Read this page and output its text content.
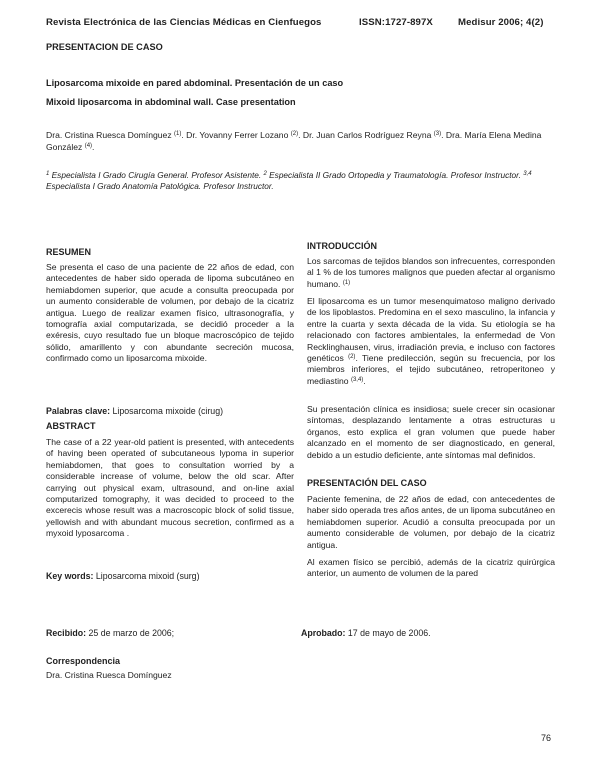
Revista Electrónica de las Ciencias Médicas en Cienfuegos	ISSN:1727-897X	Medisur 2006; 4(2)
PRESENTACION DE CASO
Liposarcoma mixoide en pared abdominal. Presentación de un caso
Mixoid liposarcoma in abdominal wall. Case presentation
Dra. Cristina Ruesca Domínguez $^{(1)}$. Dr. Yovanny Ferrer Lozano $^{(2)}$. Dr. Juan Carlos Rodríguez Reyna $^{(3)}$. Dra. María Elena Medina González $^{(4)}$.
$^1$ Especialista I Grado Cirugía General. Profesor Asistente. $^2$ Especialista II Grado Ortopedia y Traumatología. Profesor Instructor. $^{3,4}$ Especialista I Grado Anatomía Patológica. Profesor Instructor.
RESUMEN

Se presenta el caso de una paciente de 22 años de edad, con antecedentes de haber sido operada de lipoma subcutáneo en hemiabdomen superior, que acude a consulta preocupada por un aumento considerable de volumen, por debajo de la cicatriz antigua. Luego de realizar examen físico, ultrasonografía, y tomografía axial computarizada, se decidió proceder a la exéresis, cuyo resultado fue un bloque macroscópico de tejido sólido, amarillento y con abundante secreción mucosa, confirmado como un liposarcoma mixoide.

Palabras clave: Liposarcoma mixoide (cirug)
ABSTRACT

The case of a 22 year-old patient is presented, with antecedents of having been operated of subcutaneous lypoma in superior hemiabdomen, that goes to consultation worried by a considerable increase of volume, below the old scar. After carrying out physical exam, ultrasound, and on-line axial computarized tomography, it was decided to proceed to the excerecis whose result was a macroscopic block of solid tissue, yellowish and with abundant mucous secretion, confirmed as a myxoid lyposarcoma .

Key words: Liposarcoma mixoid (surg)
INTRODUCCIÓN

Los sarcomas de tejidos blandos son infrecuentes, corresponden al 1 % de los tumores malignos que pueden afectar al organismo humano. $^{(1)}$

El liposarcoma es un tumor mesenquimatoso maligno derivado de los lipoblastos. Predomina en el sexo masculino, la infancia y entre la cuarta y sexta década de la vida. Su etiología se ha relacionado con factores ambientales, la enfermedad de Von Recklinghausen, virus, irradiación previa, e incluso con factores genéticos $^{(2)}$. Tiene predilección, según su frecuencia, por los miembros inferiores, el tejido subcutáneo, retroperitoneo y mediastino $^{(3,4)}$.

Su presentación clínica es insidiosa; suele crecer sin ocasionar síntomas, desplazando lentamente a otras estructuras u órganos, esto explica el gran volumen que puede haber alcanzado en el momento de ser diagnosticado, en general, debido a un estudio deficiente, ante síntomas mal definidos.

PRESENTACIÓN DEL CASO

Paciente femenina, de 22 años de edad, con antecedentes de haber sido operada tres años antes, de un lipoma subcutáneo en hemiabdomen superior. Acudió a consulta preocupada por un aumento considerable de volumen, por debajo de la cicatriz antigua.

Al examen físico se percibió, además de la cicatriz quirúrgica anterior, un aumento de volumen de la pared

Recibido: 25 de marzo de 2006;	Aprobado: 17 de mayo de 2006.
Correspondencia
Dra. Cristina Ruesca Domínguez
76
